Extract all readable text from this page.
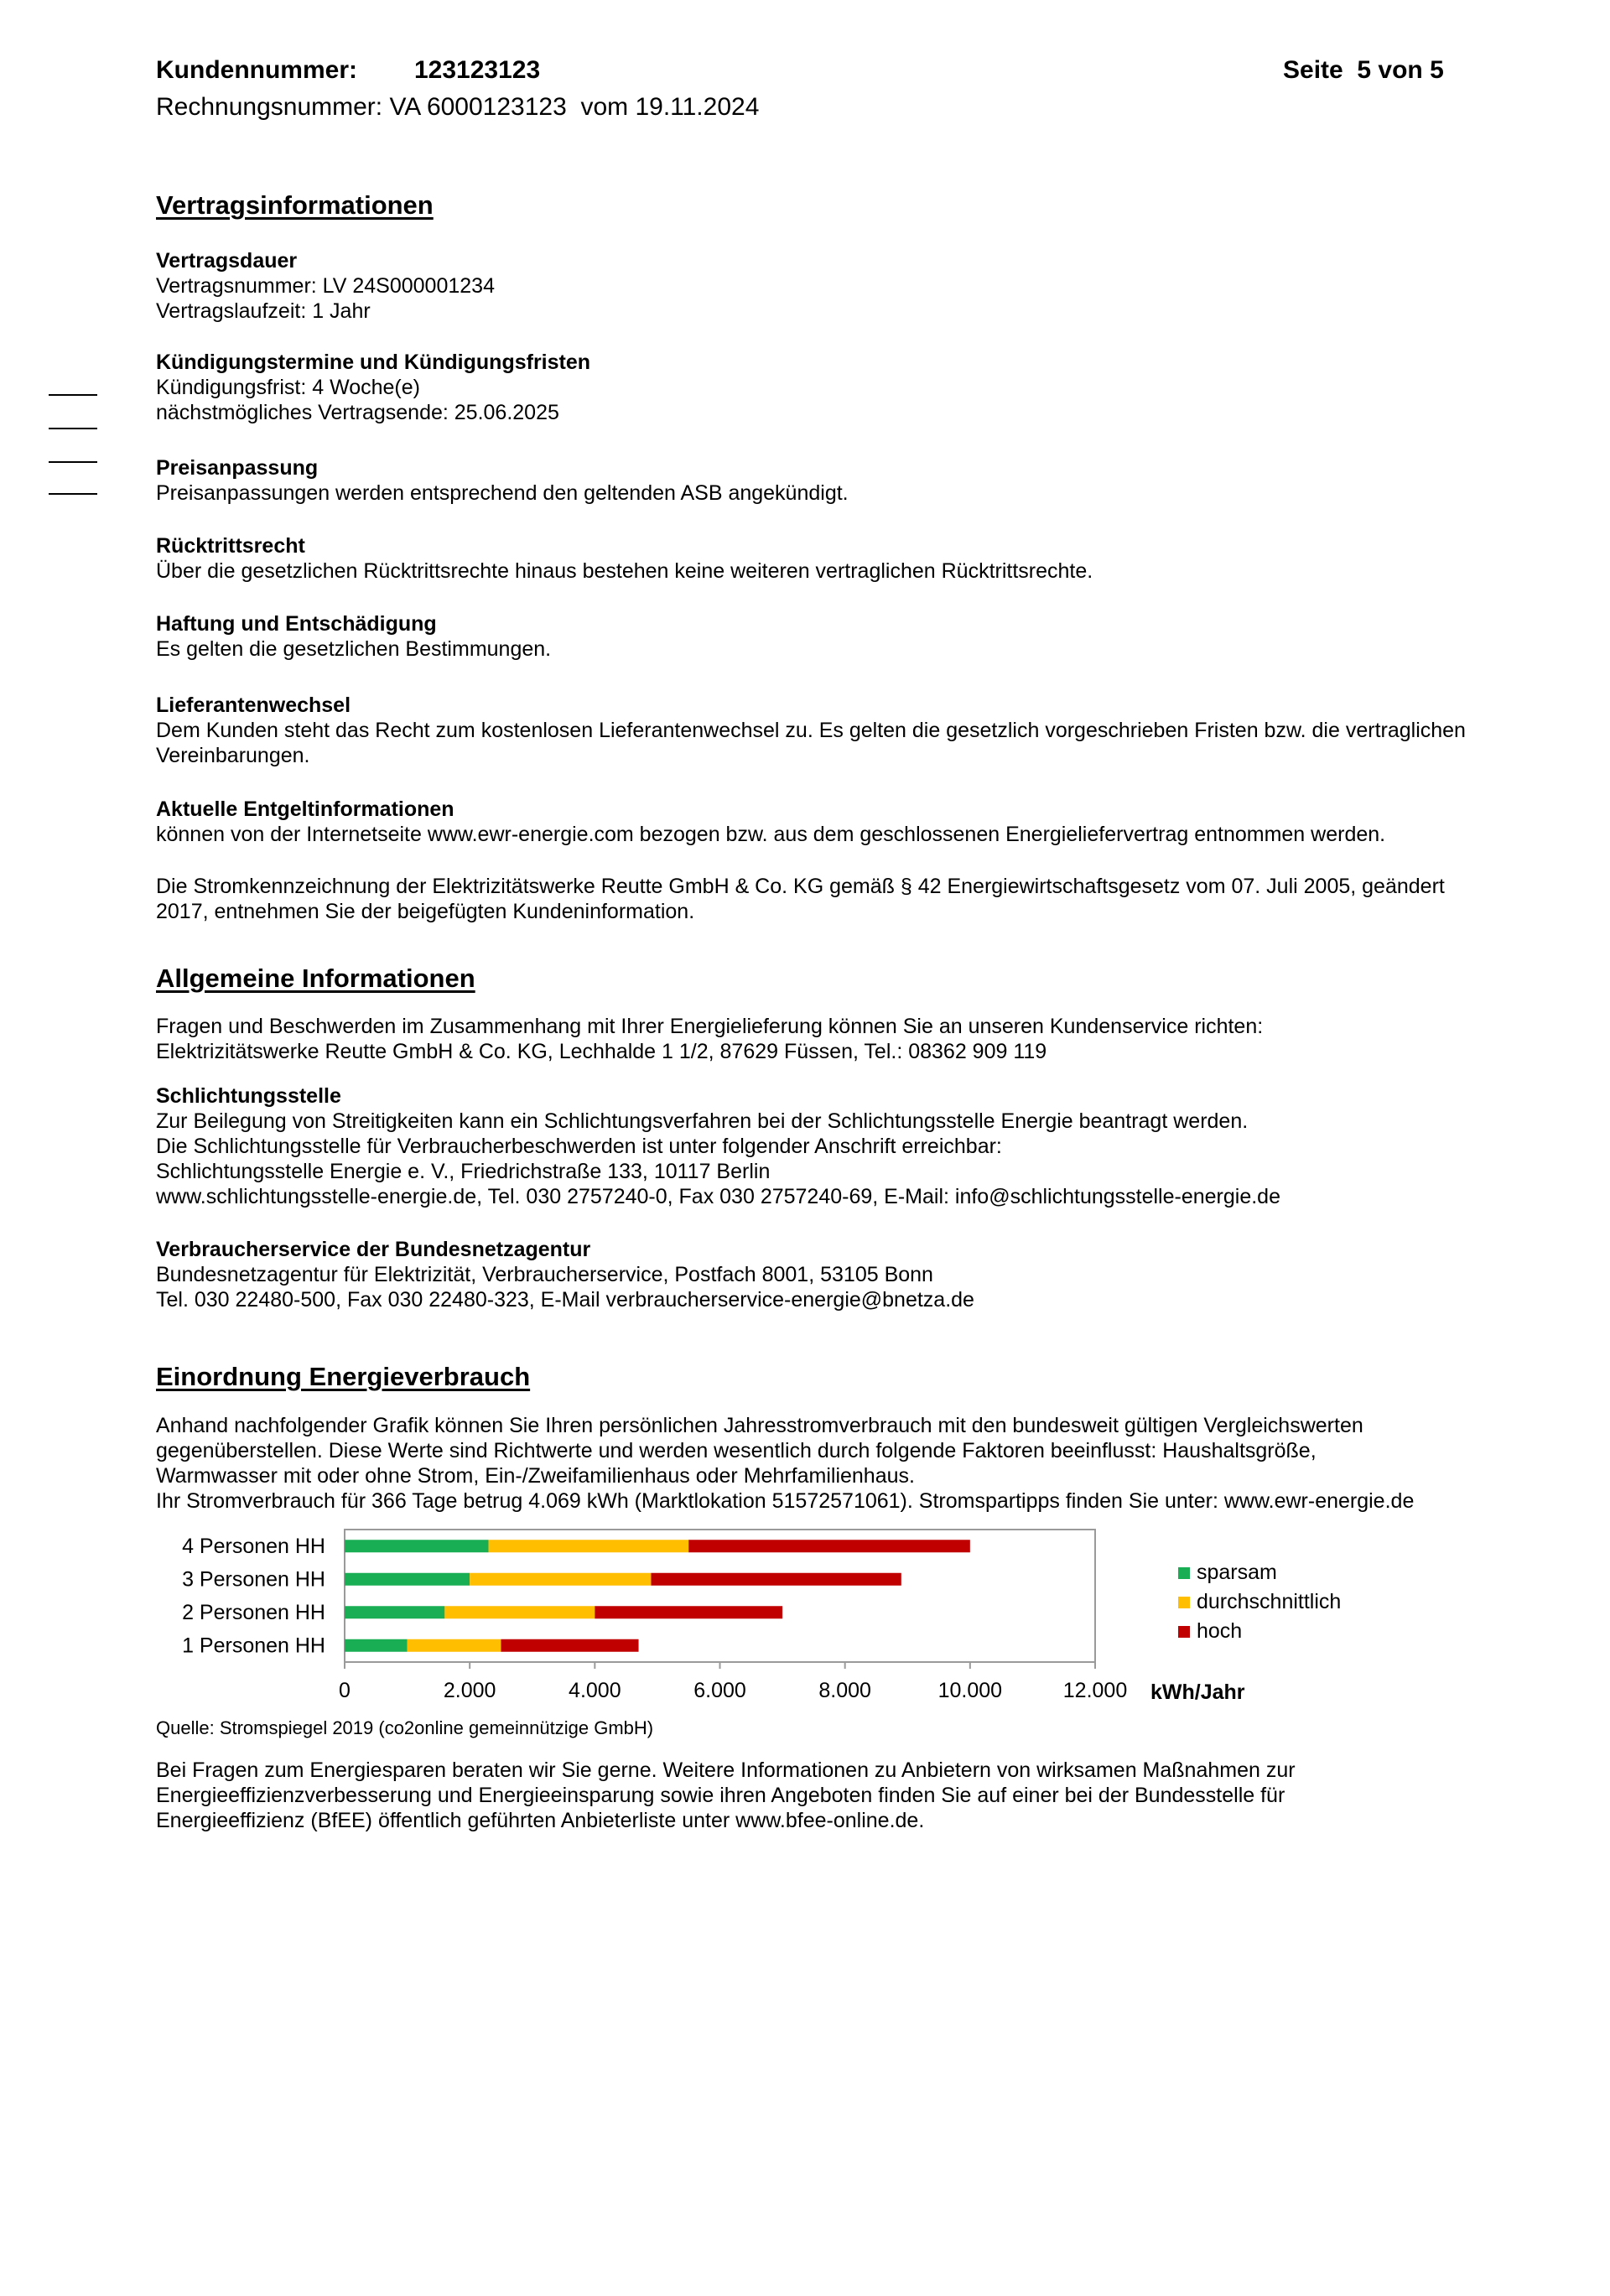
Kundennummer: 123123123	Seite  5 von 5
Rechnungsnummer: VA 6000123123  vom 19.11.2024
Vertragsinformationen
Vertragsdauer
Vertragsnummer: LV 24S000001234
Vertragslaufzeit: 1 Jahr
Kündigungstermine und Kündigungsfristen
Kündigungsfrist: 4 Woche(e)
nächstmögliches Vertragsende: 25.06.2025
Preisanpassung
Preisanpassungen werden entsprechend den geltenden ASB angekündigt.
Rücktrittsrecht
Über die gesetzlichen Rücktrittsrechte hinaus bestehen keine weiteren vertraglichen Rücktrittsrechte.
Haftung und Entschädigung
Es gelten die gesetzlichen Bestimmungen.
Lieferantenwechsel
Dem Kunden steht das Recht zum kostenlosen Lieferantenwechsel zu. Es gelten die gesetzlich vorgeschrieben Fristen bzw. die vertraglichen
Vereinbarungen.
Aktuelle Entgeltinformationen
können von der Internetseite www.ewr-energie.com bezogen bzw. aus dem geschlossenen Energieliefervertrag entnommen werden.
Die Stromkennzeichnung der Elektrizitätswerke Reutte GmbH & Co. KG gemäß § 42 Energiewirtschaftsgesetz vom 07. Juli 2005, geändert
2017, entnehmen Sie der beigefügten Kundeninformation.
Allgemeine Informationen
Fragen und Beschwerden im Zusammenhang mit Ihrer Energielieferung können Sie an unseren Kundenservice richten:
Elektrizitätswerke Reutte GmbH & Co. KG, Lechhalde 1 1/2, 87629 Füssen, Tel.: 08362 909 119
Schlichtungsstelle
Zur Beilegung von Streitigkeiten kann ein Schlichtungsverfahren bei der Schlichtungsstelle Energie beantragt werden.
Die Schlichtungsstelle für Verbraucherbeschwerden ist unter folgender Anschrift erreichbar:
Schlichtungsstelle Energie e. V., Friedrichstraße 133, 10117 Berlin
www.schlichtungsstelle-energie.de, Tel. 030 2757240-0, Fax 030 2757240-69, E-Mail: info@schlichtungsstelle-energie.de
Verbraucherservice der Bundesnetzagentur
Bundesnetzagentur für Elektrizität, Verbraucherservice, Postfach 8001, 53105 Bonn
Tel. 030 22480-500, Fax 030 22480-323, E-Mail verbraucherservice-energie@bnetza.de
Einordnung Energieverbrauch
Anhand nachfolgender Grafik können Sie Ihren persönlichen Jahresstromverbrauch mit den bundesweit gültigen Vergleichswerten
gegenüberstellen. Diese Werte sind Richtwerte und werden wesentlich durch folgende Faktoren beeinflusst: Haushaltsgröße,
Warmwasser mit oder ohne Strom, Ein-/Zweifamilienhaus oder Mehrfamilienhaus.
Ihr Stromverbrauch für 366 Tage betrug 4.069 kWh (Marktlokation 51572571061). Stromspartipps finden Sie unter: www.ewr-energie.de
4 Personen HH
3 Personen HH
2 Personen HH
1 Personen HH
0	2.000	4.000	6.000	8.000	10.000	12.000 kWh/Jahr
sparsam
durchschnittlich
hoch
Quelle: Stromspiegel 2019 (co2online gemeinnützige GmbH)
Bei Fragen zum Energiesparen beraten wir Sie gerne. Weitere Informationen zu Anbietern von wirksamen Maßnahmen zur
Energieeffizienzverbesserung und Energieeinsparung sowie ihren Angeboten finden Sie auf einer bei der Bundesstelle für
Energieeffizienz (BfEE) öffentlich geführten Anbieterliste unter www.bfee-online.de.
